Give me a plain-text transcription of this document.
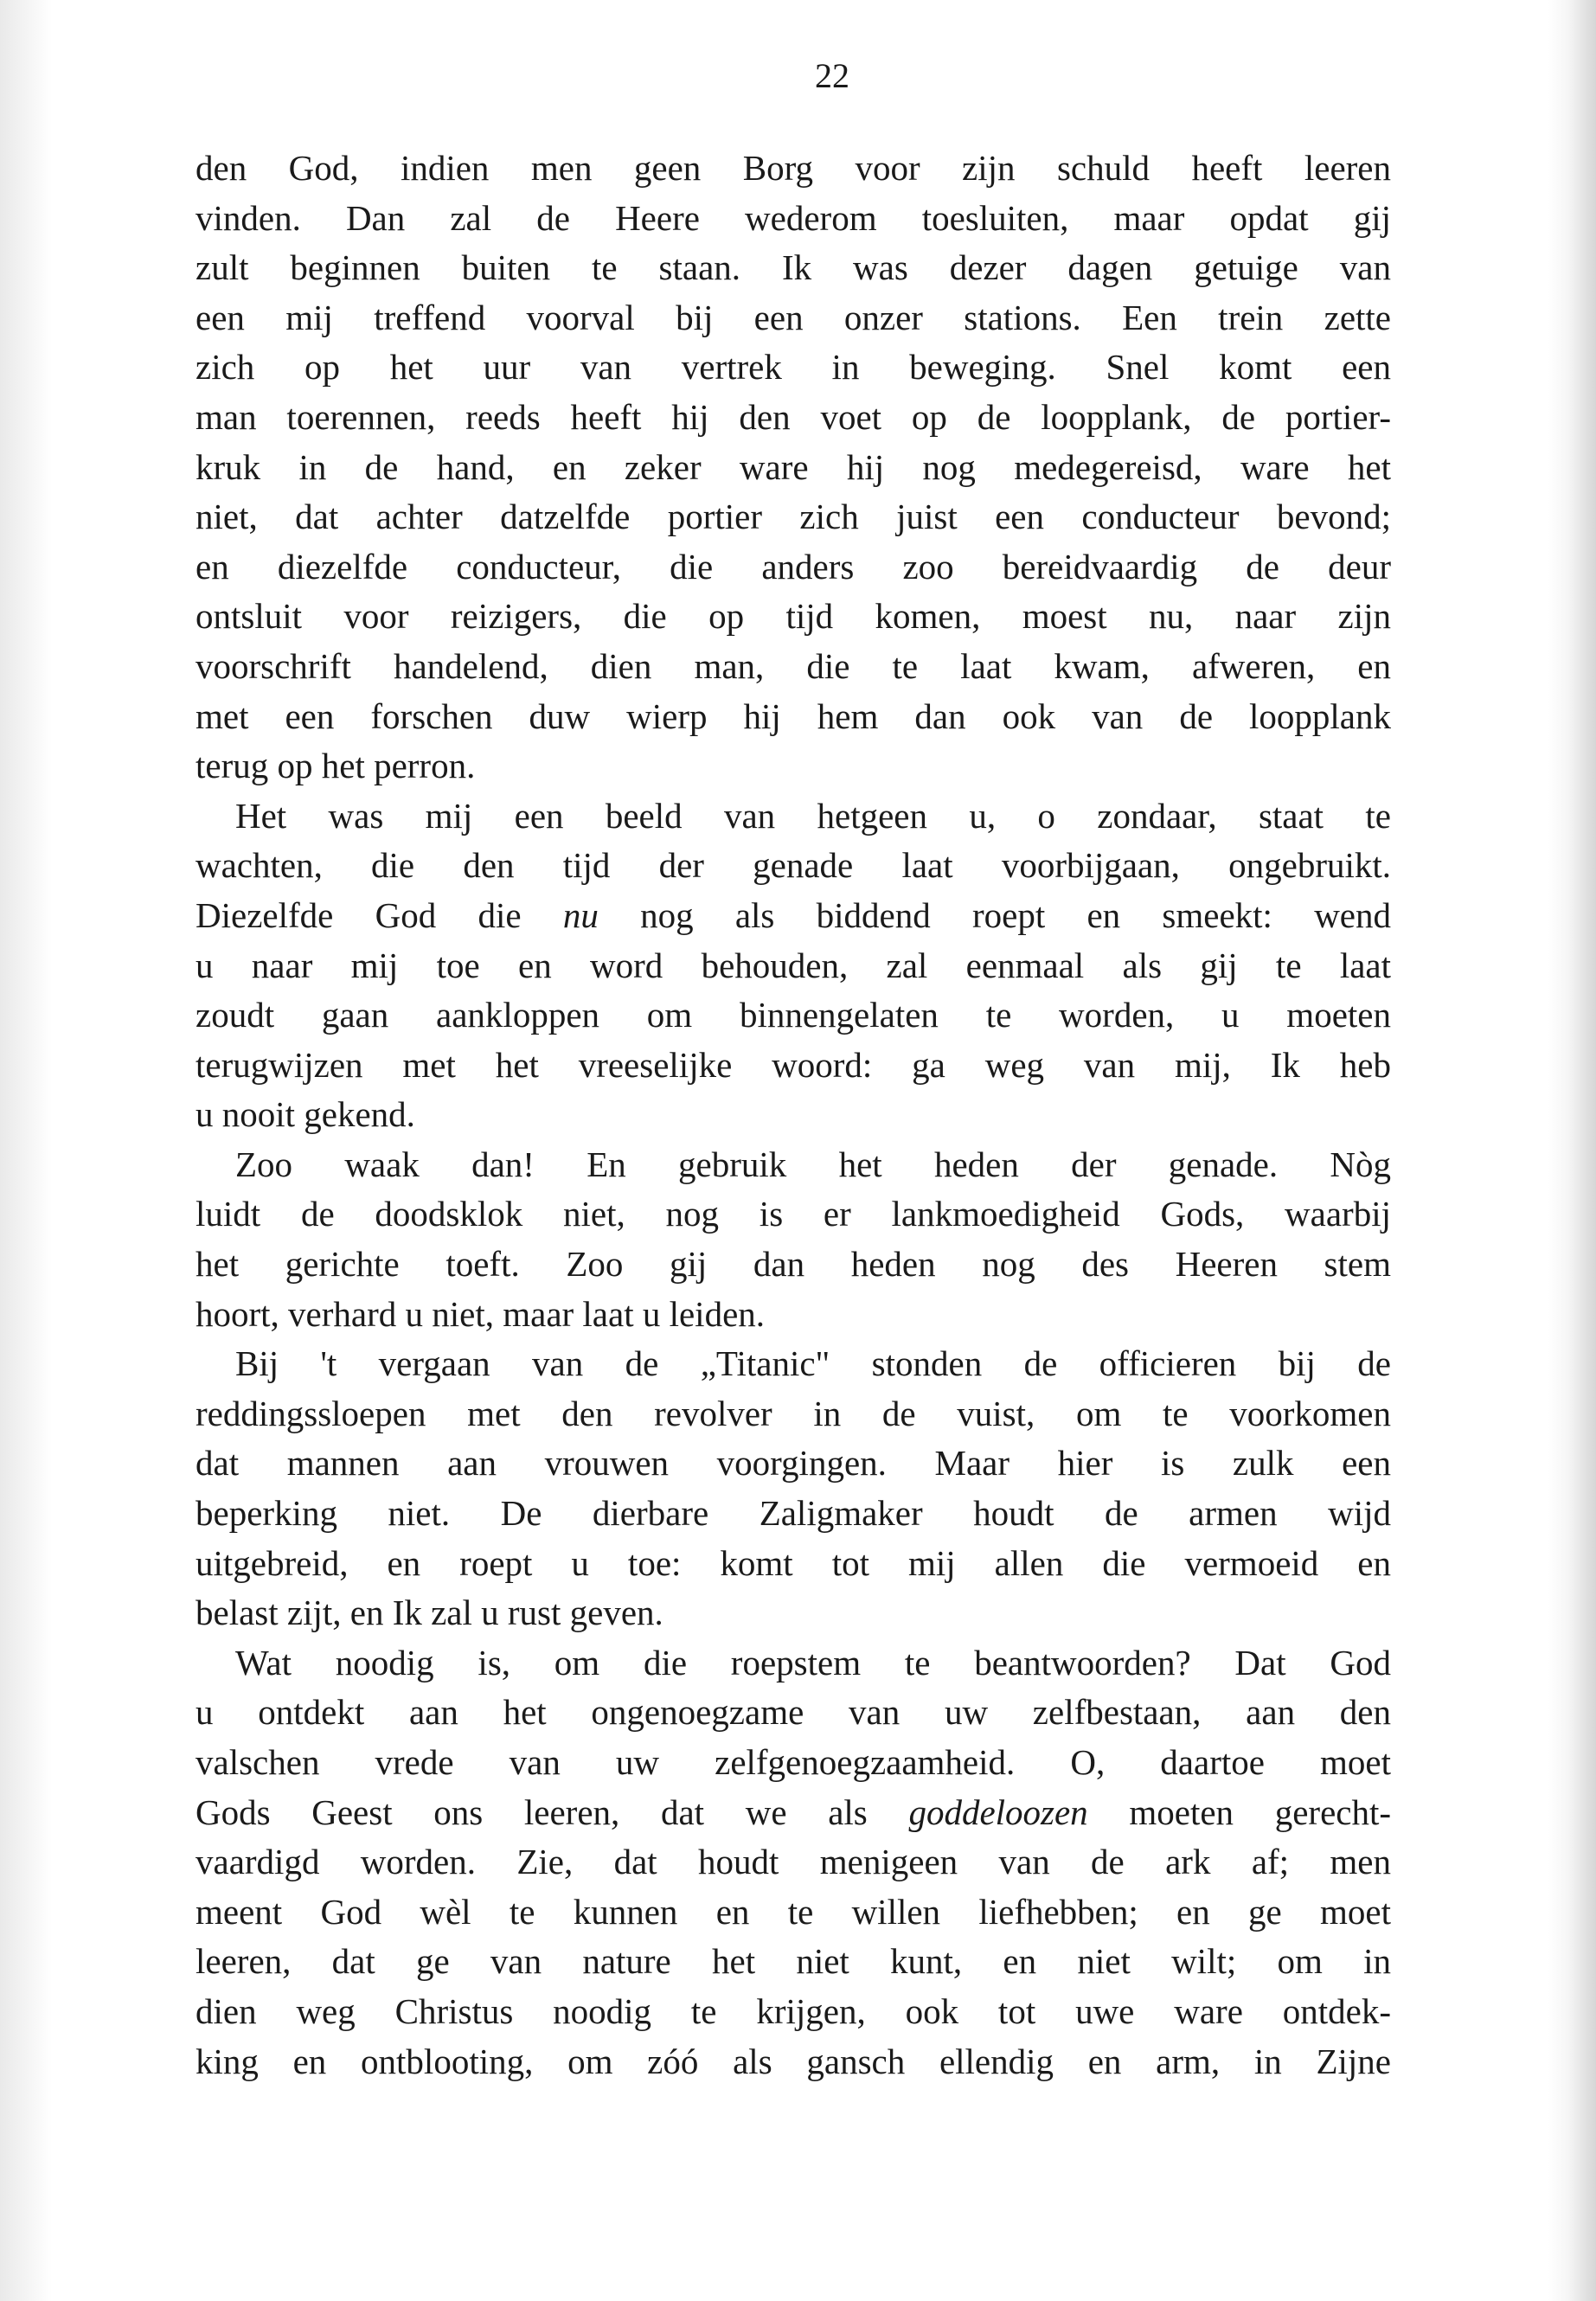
22
den God, indien men geen Borg voor zijn schuld heeft leeren
vinden. Dan zal de Heere wederom toesluiten, maar opdat gij
zult beginnen buiten te staan. Ik was dezer dagen getuige van
een mij treffend voorval bij een onzer stations. Een trein zette
zich op het uur van vertrek in beweging. Snel komt een
man toerennen, reeds heeft hij den voet op de loopplank, de portier-
kruk in de hand, en zeker ware hij nog medegereisd, ware het
niet, dat achter datzelfde portier zich juist een conducteur bevond;
en diezelfde conducteur, die anders zoo bereidvaardig de deur
ontsluit voor reizigers, die op tijd komen, moest nu, naar zijn
voorschrift handelend, dien man, die te laat kwam, afweren, en
met een forschen duw wierp hij hem dan ook van de loopplank
terug op het perron.
Het was mij een beeld van hetgeen u, o zondaar, staat te
wachten, die den tijd der genade laat voorbijgaan, ongebruikt.
Diezelfde God die nu nog als biddend roept en smeekt: wend
u naar mij toe en word behouden, zal eenmaal als gij te laat
zoudt gaan aankloppen om binnengelaten te worden, u moeten
terugwijzen met het vreeselijke woord: ga weg van mij, Ik heb
u nooit gekend.
Zoo waak dan! En gebruik het heden der genade. Nòg
luidt de doodsklok niet, nog is er lankmoedigheid Gods, waarbij
het gerichte toeft. Zoo gij dan heden nog des Heeren stem
hoort, verhard u niet, maar laat u leiden.
Bij 't vergaan van de „Titanic" stonden de officieren bij de
reddingssloepen met den revolver in de vuist, om te voorkomen
dat mannen aan vrouwen voorgingen. Maar hier is zulk een
beperking niet. De dierbare Zaligmaker houdt de armen wijd
uitgebreid, en roept u toe: komt tot mij allen die vermoeid en
belast zijt, en Ik zal u rust geven.
Wat noodig is, om die roepstem te beantwoorden? Dat God
u ontdekt aan het ongenoegzame van uw zelfbestaan, aan den
valschen vrede van uw zelfgenoegzaamheid. O, daartoe moet
Gods Geest ons leeren, dat we als goddeloozen moeten gerecht-
vaardigd worden. Zie, dat houdt menigeen van de ark af; men
meent God wèl te kunnen en te willen liefhebben; en ge moet
leeren, dat ge van nature het niet kunt, en niet wilt; om in
dien weg Christus noodig te krijgen, ook tot uwe ware ontdek-
king en ontblooting, om zóó als gansch ellendig en arm, in Zijne
